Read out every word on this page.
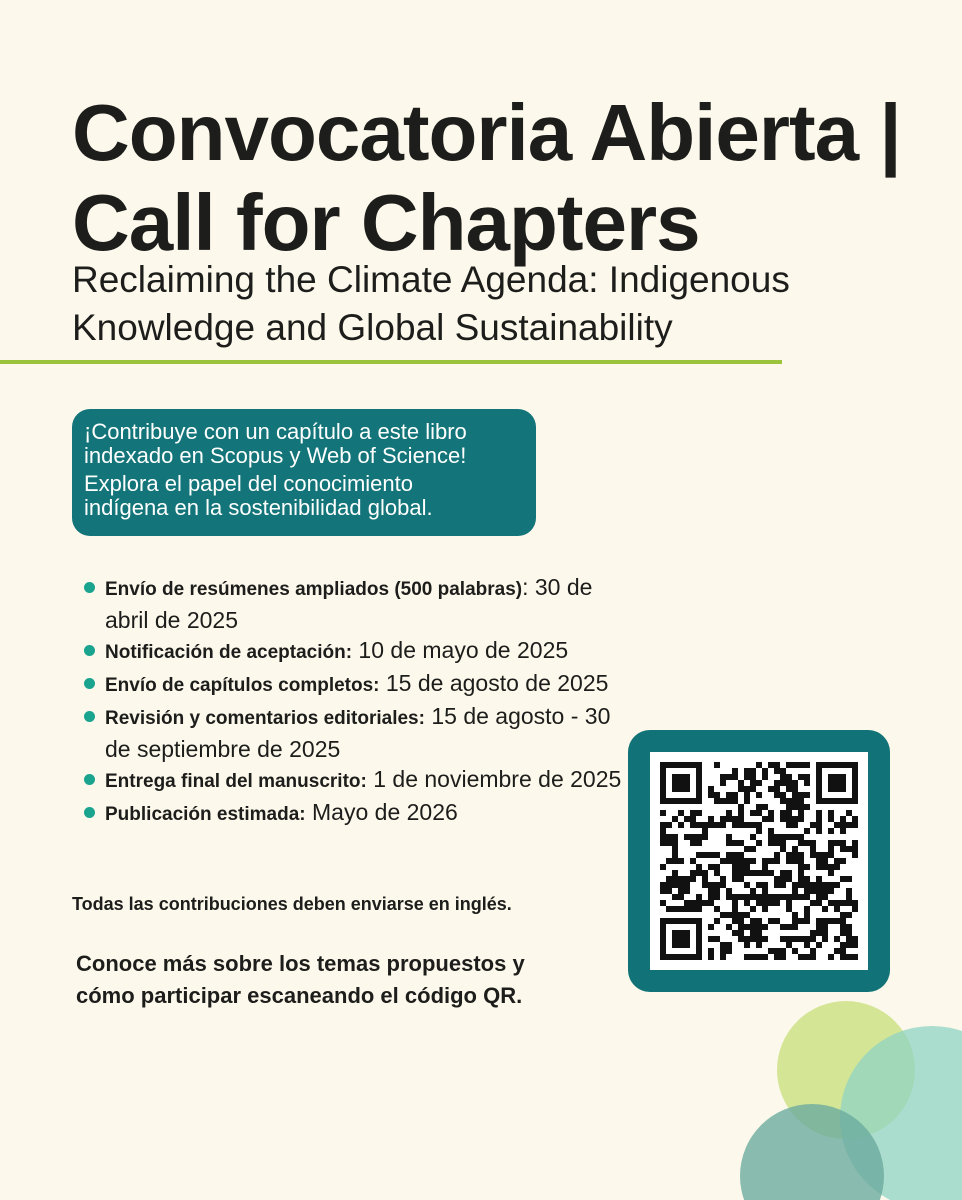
Convocatoria Abierta |
Call for Chapters
Reclaiming the Climate Agenda: Indigenous
Knowledge and Global Sustainability
¡Contribuye con un capítulo a este libro
indexado en Scopus y Web of Science!
Explora el papel del conocimiento
indígena en la sostenibilidad global.
Envío de resúmenes ampliados (500 palabras): 30 de abril de 2025
Notificación de aceptación: 10 de mayo de 2025
Envío de capítulos completos: 15 de agosto de 2025
Revisión y comentarios editoriales: 15 de agosto - 30 de septiembre de 2025
Entrega final del manuscrito: 1 de noviembre de 2025
Publicación estimada: Mayo de 2026
Todas las contribuciones deben enviarse en inglés.
Conoce más sobre los temas propuestos y
cómo participar escaneando el código QR.
